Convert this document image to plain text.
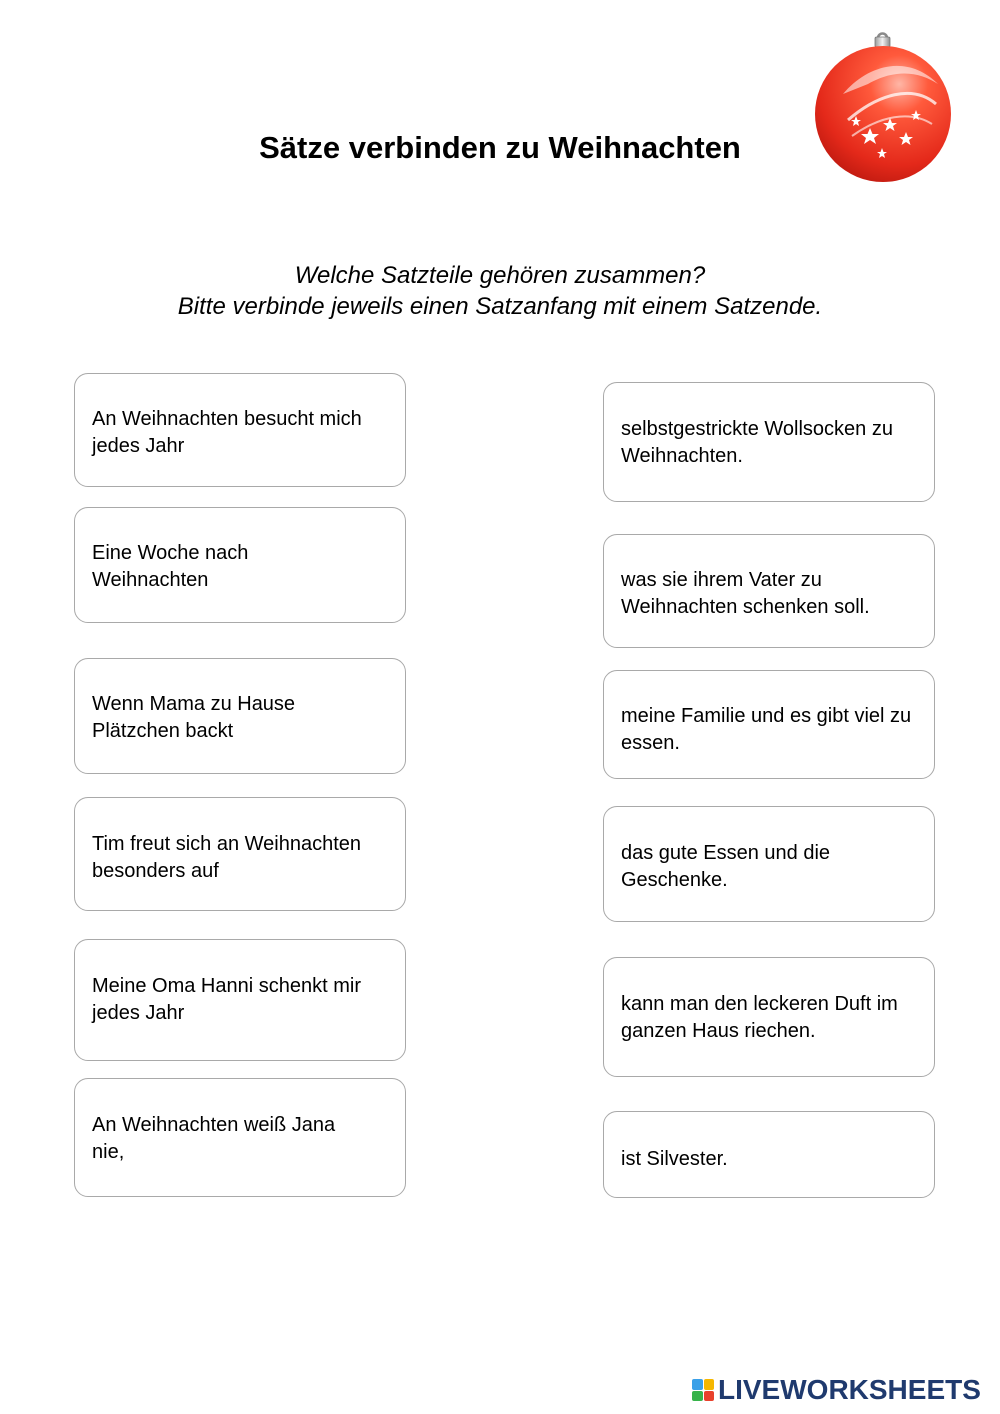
Sätze verbinden zu Weihnachten
Welche Satzteile gehören zusammen?
Bitte verbinde jeweils einen Satzanfang mit einem Satzende.
An Weihnachten besucht mich jedes Jahr
Eine Woche nach Weihnachten
Wenn Mama zu Hause Plätzchen backt
Tim freut sich an Weihnachten besonders auf
Meine Oma Hanni schenkt mir jedes Jahr
An Weihnachten weiß Jana nie,
selbstgestrickte Wollsocken zu Weihnachten.
was sie ihrem Vater zu Weihnachten schenken soll.
meine Familie und es gibt viel zu essen.
das gute Essen und die Geschenke.
kann man den leckeren Duft im ganzen Haus riechen.
ist Silvester.
LIVEWORKSHEETS
